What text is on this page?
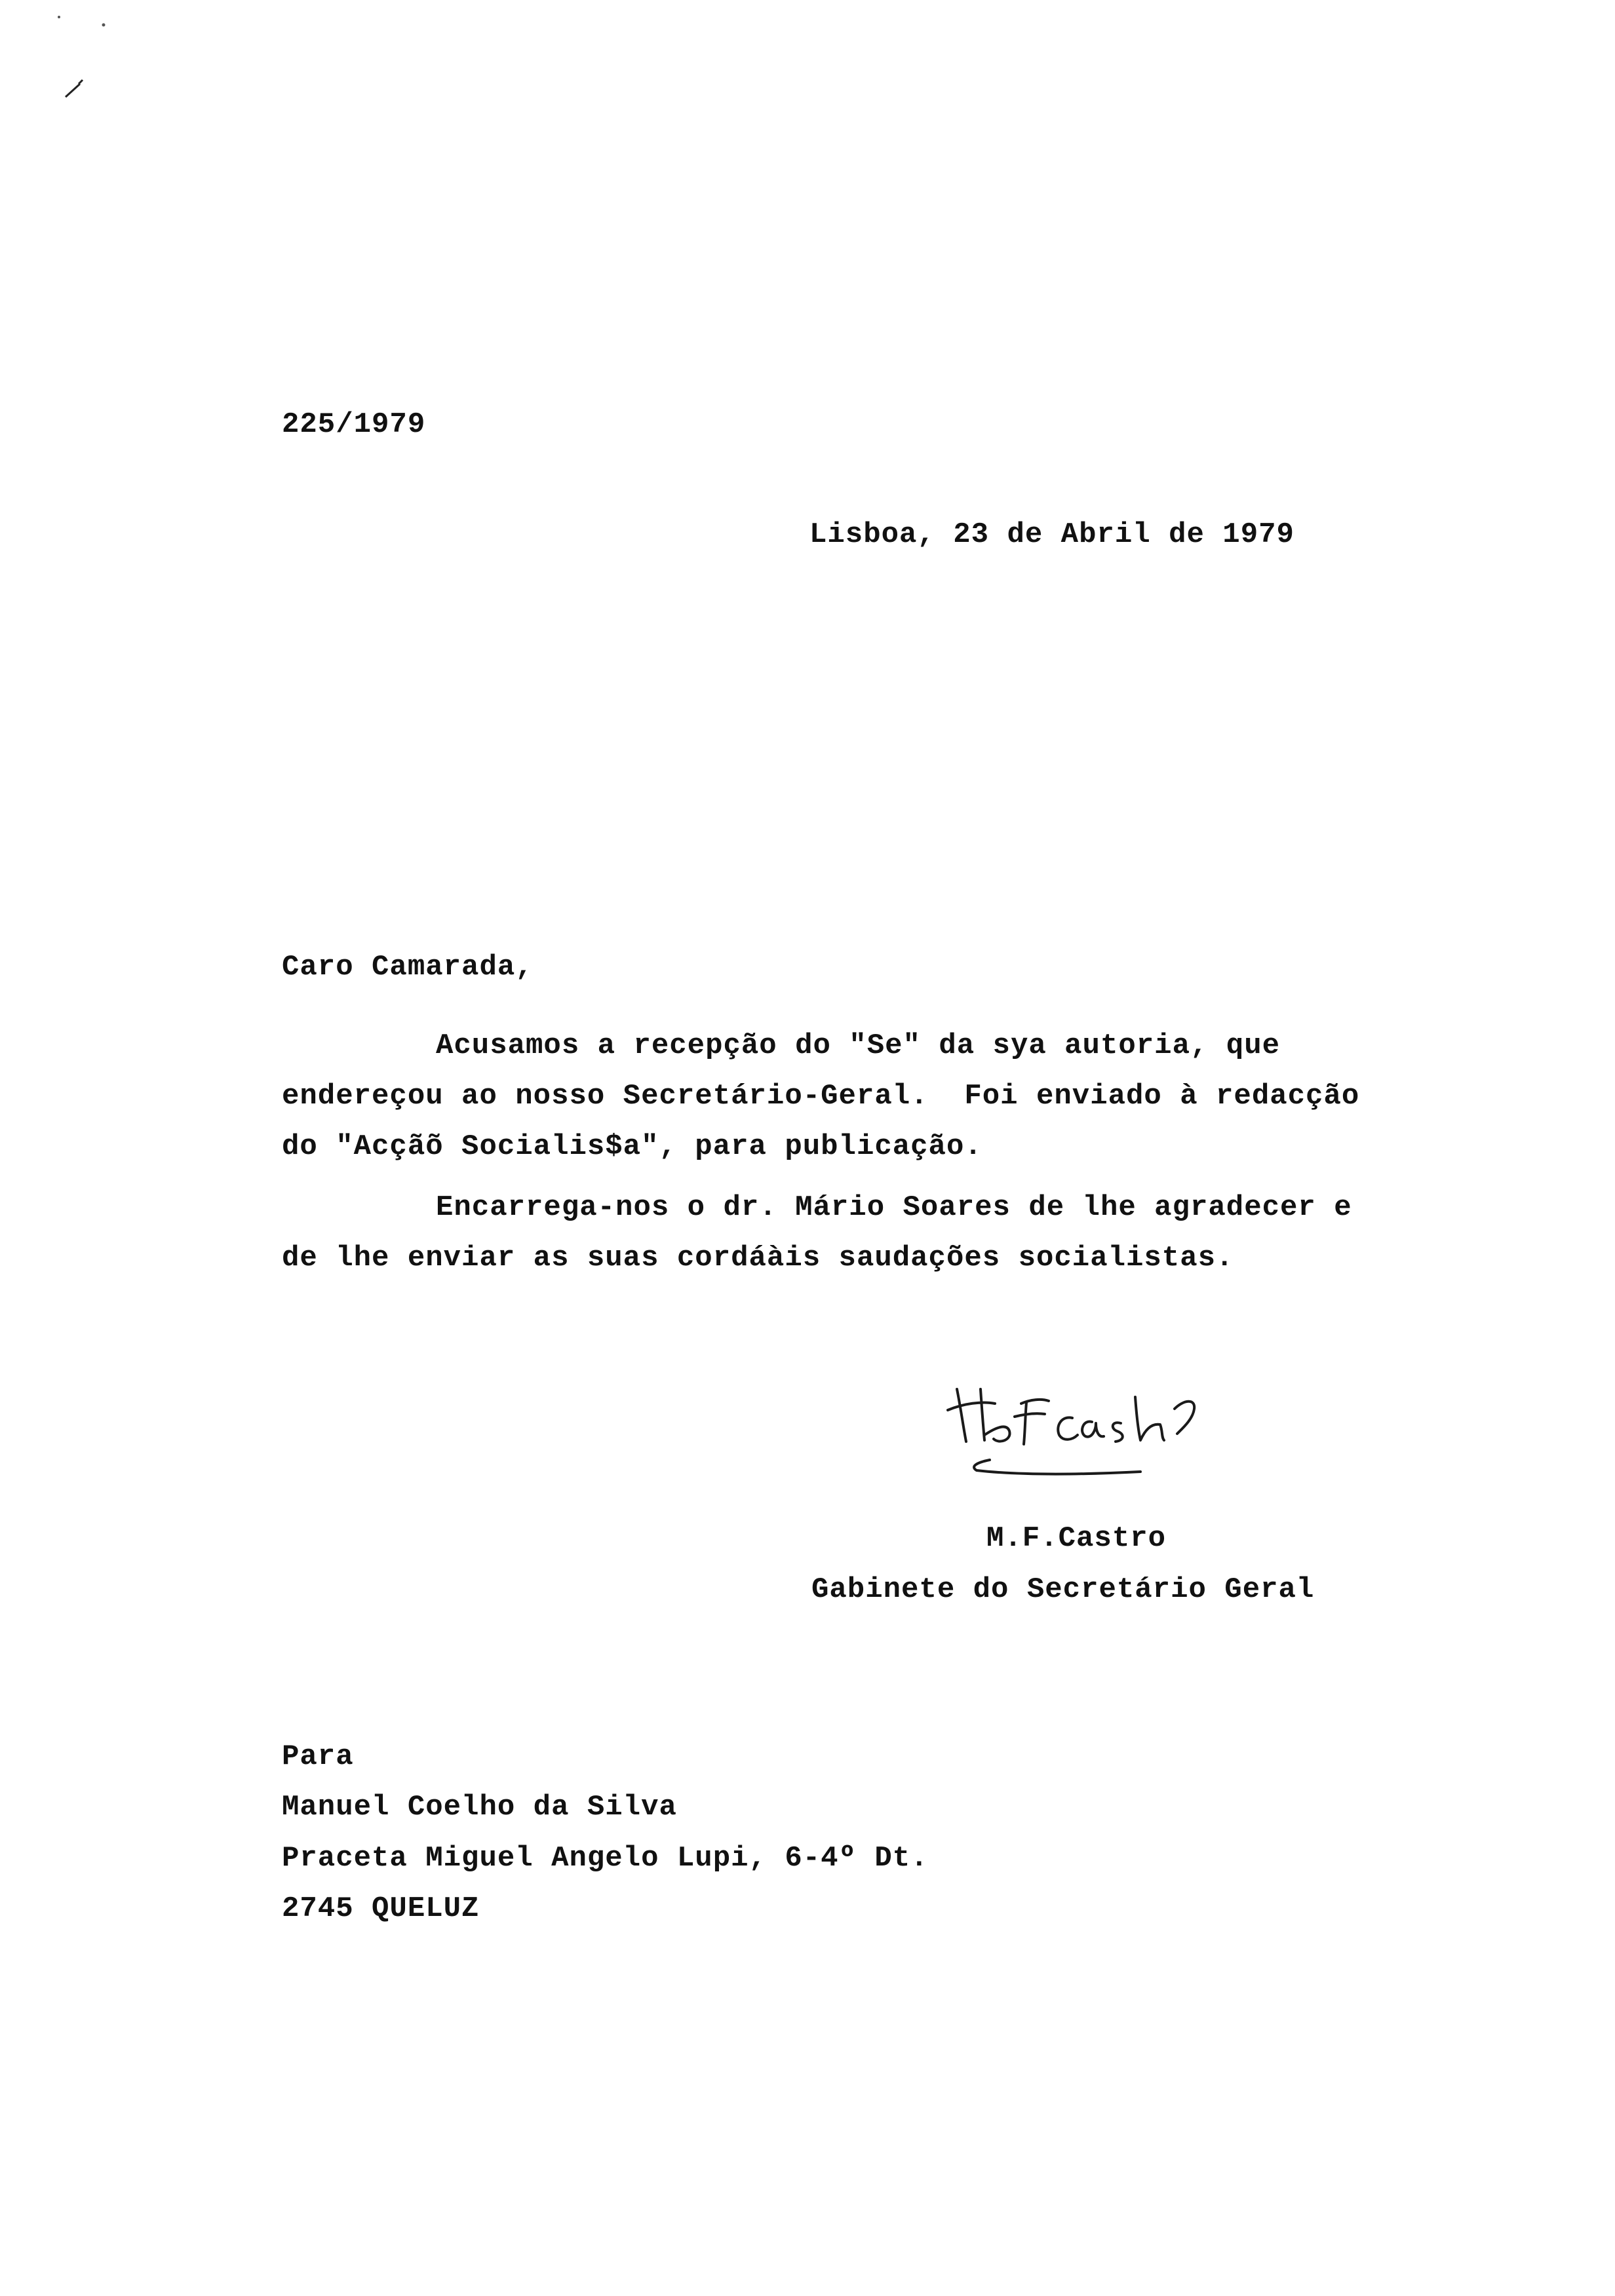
225/1979
Lisboa, 23 de Abril de 1979
Caro Camarada,
Acusamos a recepção do "Se" da sya autoria, que
endereçou ao nosso Secretário-Geral.  Foi enviado à redacção
do "Acçãõ Socialis$a", para publicação.
Encarrega-nos o dr. Mário Soares de lhe agradecer e
de lhe enviar as suas cordáàis saudações socialistas.
M.F.Castro
Gabinete do Secretário Geral
Para
Manuel Coelho da Silva
Praceta Miguel Angelo Lupi, 6-4º Dt.
2745 QUELUZ
